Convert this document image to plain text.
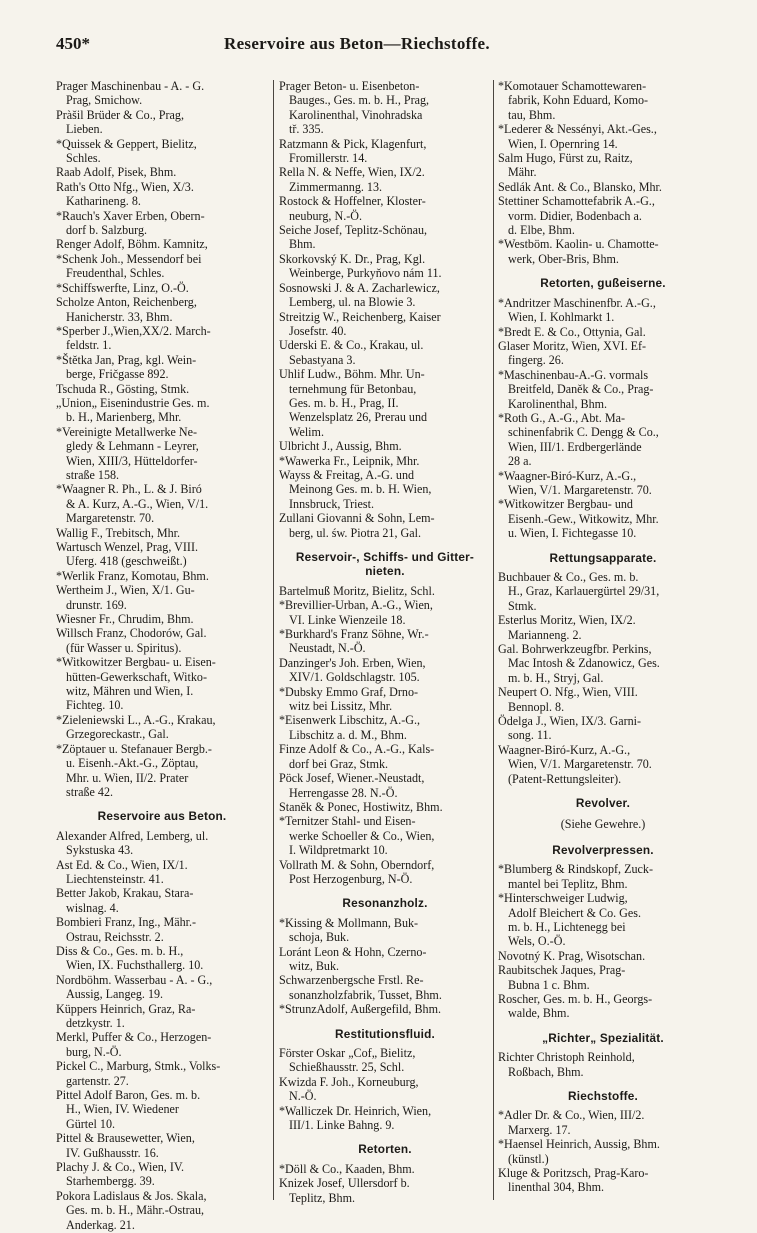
450*	Reservoire aus Beton—Riechstoffe.
Prager Maschinenbau - A. - G.
Prag, Smichow.
Pràšil Brüder & Co., Prag,
Lieben.
*Quissek & Geppert, Bielitz,
Schles.
Raab Adolf, Pisek, Bhm.
Rath's Otto Nfg., Wien, X/3.
Katharineng. 8.
*Rauch's Xaver Erben, Obern-
dorf b. Salzburg.
Renger Adolf, Böhm. Kamnitz,
*Schenk Joh., Messendorf bei
Freudenthal, Schles.
*Schiffswerfte, Linz, O.-Ö.
Scholze Anton, Reichenberg,
Hanicherstr. 33, Bhm.
*Sperber J.,Wien,XX/2. March-
feldstr. 1.
*Štětka Jan, Prag, kgl. Wein-
berge, Fričgasse 892.
Tschuda R., Gösting, Stmk.
„Union„ Eisenindustrie Ges. m.
b. H., Marienberg, Mhr.
*Vereinigte Metallwerke Ne-
gledy & Lehmann - Leyrer,
Wien, XIII/3, Hütteldorfer-
straße 158.
*Waagner R. Ph., L. & J. Biró
& A. Kurz, A.-G., Wien, V/1.
Margaretenstr. 70.
Wallig F., Trebitsch, Mhr.
Wartusch Wenzel, Prag, VIII.
Uferg. 418 (geschweißt.)
*Werlik Franz, Komotau, Bhm.
Wertheim J., Wien, X/1. Gu-
drunstr. 169.
Wiesner Fr., Chrudim, Bhm.
Willsch Franz, Chodorów, Gal.
(für Wasser u. Spiritus).
*Witkowitzer Bergbau- u. Eisen-
hütten-Gewerkschaft, Witko-
witz, Mähren und Wien, I.
Fichteg. 10.
*Zieleniewski L., A.-G., Krakau,
Grzegoreckastr., Gal.
*Zöptauer u. Stefanauer Bergb.-
u. Eisenh.-Akt.-G., Zöptau,
Mhr. u. Wien, II/2. Prater
straße 42.
Reservoire aus Beton.
Alexander Alfred, Lemberg, ul.
Sykstuska 43.
Ast Ed. & Co., Wien, IX/1.
Liechtensteinstr. 41.
Better Jakob, Krakau, Stara-
wislnag. 4.
Bombieri Franz, Ing., Mähr.-
Ostrau, Reichsstr. 2.
Diss & Co., Ges. m. b. H.,
Wien, IX. Fuchsthallerg. 10.
Nordböhm. Wasserbau - A. - G.,
Aussig, Langeg. 19.
Küppers Heinrich, Graz, Ra-
detzkystr. 1.
Merkl, Puffer & Co., Herzogen-
burg, N.-Ö.
Pickel C., Marburg, Stmk., Volks-
gartenstr. 27.
Pittel Adolf Baron, Ges. m. b.
H., Wien, IV. Wiedener
Gürtel 10.
Pittel & Brausewetter, Wien,
IV. Gußhausstr. 16.
Plachy J. & Co., Wien, IV.
Starhembergg. 39.
Pokora Ladislaus & Jos. Skala,
Ges. m. b. H., Mähr.-Ostrau,
Anderkag. 21.
Prager Beton- u. Eisenbeton-
Bauges., Ges. m. b. H., Prag,
Karolinenthal, Vinohradska
tř. 335.
Ratzmann & Pick, Klagenfurt,
Fromillerstr. 14.
Rella N. & Neffe, Wien, IX/2.
Zimmermanng. 13.
Rostock & Hoffelner, Kloster-
neuburg, N.-Ö.
Seiche Josef, Teplitz-Schönau,
Bhm.
Skorkovský K. Dr., Prag, Kgl.
Weinberge, Purkyňovo nám 11.
Sosnowski J. & A. Zacharlewicz,
Lemberg, ul. na Blowie 3.
Streitzig W., Reichenberg, Kaiser
Josefstr. 40.
Uderski E. & Co., Krakau, ul.
Sebastyana 3.
Uhlif Ludw., Böhm. Mhr. Un-
ternehmung für Betonbau,
Ges. m. b. H., Prag, II.
Wenzelsplatz 26, Prerau und
Welim.
Ulbricht J., Aussig, Bhm.
*Wawerka Fr., Leipnik, Mhr.
Wayss & Freitag, A.-G. und
Meinong Ges. m. b. H. Wien,
Innsbruck, Triest.
Zullani Giovanni & Sohn, Lem-
berg, ul. św. Piotra 21, Gal.
Reservoir-, Schiffs- und Gitter-nieten.
Bartelmuß Moritz, Bielitz, Schl.
*Brevillier-Urban, A.-G., Wien,
VI. Linke Wienzeile 18.
*Burkhard's Franz Söhne, Wr.-
Neustadt, N.-Ö.
Danzinger's Joh. Erben, Wien,
XIV/1. Goldschlagstr. 105.
*Dubsky Emmo Graf, Drno-
witz bei Lissitz, Mhr.
*Eisenwerk Libschitz, A.-G.,
Libschitz a. d. M., Bhm.
Finze Adolf & Co., A.-G., Kals-
dorf bei Graz, Stmk.
Pöck Josef, Wiener.-Neustadt,
Herrengasse 28. N.-Ö.
Staněk & Ponec, Hostiwitz, Bhm.
*Ternitzer Stahl- und Eisen-
werke Schoeller & Co., Wien,
I. Wildpretmarkt 10.
Vollrath M. & Sohn, Oberndorf,
Post Herzogenburg, N-Ö.
Resonanzholz.
*Kissing & Mollmann, Buk-
schoja, Buk.
Loránt Leon & Hohn, Czerno-
witz, Buk.
Schwarzenbergsche Frstl. Re-
sonanzholzfabrik, Tusset, Bhm.
*StrunzAdolf, Außergefild, Bhm.
Restitutionsfluid.
Förster Oskar „Cof„ Bielitz,
Schießhausstr. 25, Schl.
Kwizda F. Joh., Korneuburg,
N.-Ö.
*Walliczek Dr. Heinrich, Wien,
III/1. Linke Bahng. 9.
Retorten.
*Döll & Co., Kaaden, Bhm.
Knizek Josef, Ullersdorf b.
Teplitz, Bhm.
*Komotauer Schamottewaren-
fabrik, Kohn Eduard, Komo-
tau, Bhm.
*Lederer & Nessényi, Akt.-Ges.,
Wien, I. Opernring 14.
Salm Hugo, Fürst zu, Raitz,
Mähr.
Sedlák Ant. & Co., Blansko, Mhr.
Stettiner Schamottefabrik A.-G.,
vorm. Didier, Bodenbach a.
d. Elbe, Bhm.
*Westböm. Kaolin- u. Chamotte-
werk, Ober-Bris, Bhm.
Retorten, gußeiserne.
*Andritzer Maschinenfbr. A.-G.,
Wien, I. Kohlmarkt 1.
*Bredt E. & Co., Ottynia, Gal.
Glaser Moritz, Wien, XVI. Ef-
fingerg. 26.
*Maschinenbau-A.-G. vormals
Breitfeld, Daněk & Co., Prag-
Karolinenthal, Bhm.
*Roth G., A.-G., Abt. Ma-
schinenfabrik C. Dengg & Co.,
Wien, III/1. Erdbergerlände
28 a.
*Waagner-Biró-Kurz, A.-G.,
Wien, V/1. Margaretenstr. 70.
*Witkowitzer Bergbau- und
Eisenh.-Gew., Witkowitz, Mhr.
u. Wien, I. Fichtegasse 10.
Rettungsapparate.
Buchbauer & Co., Ges. m. b.
H., Graz, Karlauergürtel 29/31,
Stmk.
Esterlus Moritz, Wien, IX/2.
Marianneng. 2.
Gal. Bohrwerkzeugfbr. Perkins,
Mac Intosh & Zdanowicz, Ges.
m. b. H., Stryj, Gal.
Neupert O. Nfg., Wien, VIII.
Bennopl. 8.
Ödelga J., Wien, IX/3. Garni-
song. 11.
Waagner-Biró-Kurz, A.-G.,
Wien, V/1. Margaretenstr. 70.
(Patent-Rettungsleiter).
Revolver.
(Siehe Gewehre.)
Revolverpressen.
*Blumberg & Rindskopf, Zuck-
mantel bei Teplitz, Bhm.
*Hinterschweiger Ludwig,
Adolf Bleichert & Co. Ges.
m. b. H., Lichtenegg bei
Wels, O.-Ö.
Novotný K. Prag, Wisotschan.
Raubitschek Jaques, Prag-
Bubna 1 c. Bhm.
Roscher, Ges. m. b. H., Georgs-
walde, Bhm.
„Richter„ Spezialität.
Richter Christoph Reinhold,
Roßbach, Bhm.
Riechstoffe.
*Adler Dr. & Co., Wien, III/2.
Marxerg. 17.
*Haensel Heinrich, Aussig, Bhm.
(künstl.)
Kluge & Poritzsch, Prag-Karo-
linenthal 304, Bhm.
